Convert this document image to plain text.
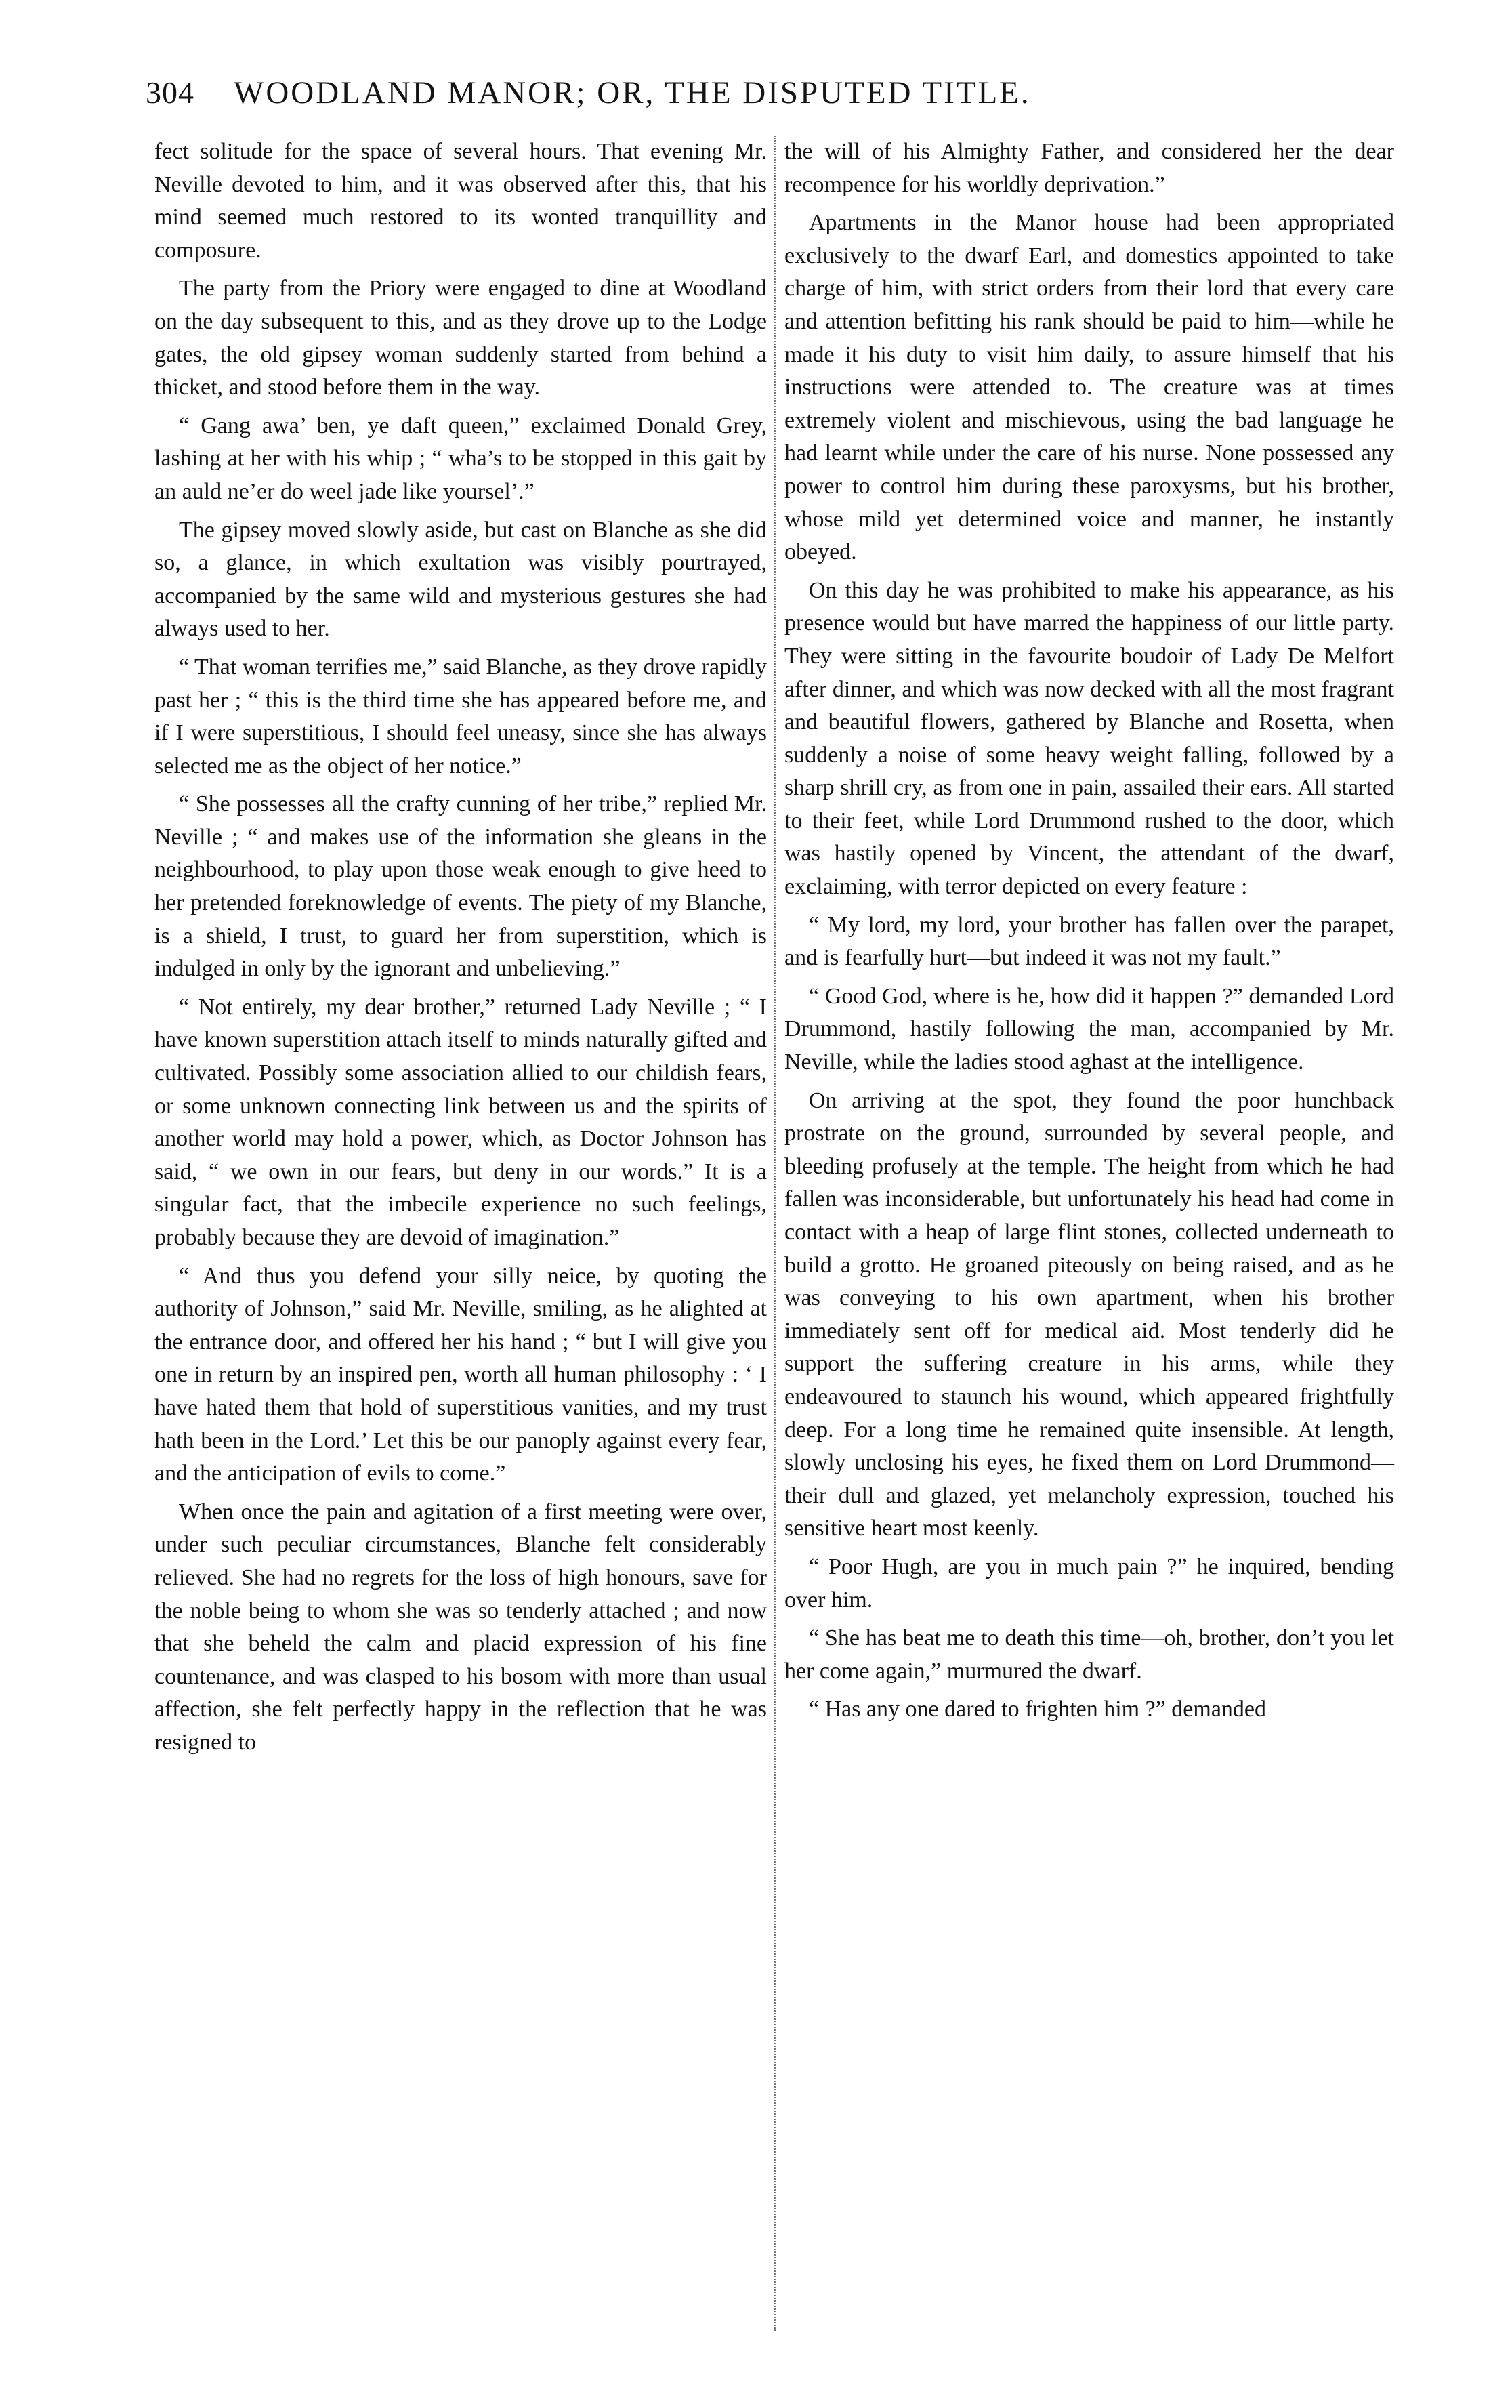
304 WOODLAND MANOR; OR, THE DISPUTED TITLE.

fect solitude for the space of several hours. That evening Mr. Neville devoted to him, and it was observed after this, that his mind seemed much restored to its wonted tranquillity and composure.

The party from the Priory were engaged to dine at Woodland on the day subsequent to this, and as they drove up to the Lodge gates, the old gipsey woman suddenly started from behind a thicket, and stood before them in the way.

“ Gang awa’ ben, ye daft queen,” exclaimed Donald Grey, lashing at her with his whip ; “ wha’s to be stopped in this gait by an auld ne’er do weel jade like yoursel’.”

The gipsey moved slowly aside, but cast on Blanche as she did so, a glance, in which exultation was visibly pourtrayed, accompanied by the same wild and mysterious gestures she had always used to her.

“ That woman terrifies me,” said Blanche, as they drove rapidly past her ; “ this is the third time she has appeared before me, and if I were superstitious, I should feel uneasy, since she has always selected me as the object of her notice.”

“ She possesses all the crafty cunning of her tribe,” replied Mr. Neville ; “ and makes use of the information she gleans in the neighbourhood, to play upon those weak enough to give heed to her pretended foreknowledge of events. The piety of my Blanche, is a shield, I trust, to guard her from superstition, which is indulged in only by the ignorant and unbelieving.”

“ Not entirely, my dear brother,” returned Lady Neville ; “ I have known superstition attach itself to minds naturally gifted and cultivated. Possibly some association allied to our childish fears, or some unknown connecting link between us and the spirits of another world may hold a power, which, as Doctor Johnson has said, “ we own in our fears, but deny in our words.” It is a singular fact, that the imbecile experience no such feelings, probably because they are devoid of imagination.”

“ And thus you defend your silly neice, by quoting the authority of Johnson,” said Mr. Neville, smiling, as he alighted at the entrance door, and offered her his hand ; “ but I will give you one in return by an inspired pen, worth all human philosophy : ‘ I have hated them that hold of superstitious vanities, and my trust hath been in the Lord.’ Let this be our panoply against every fear, and the anticipation of evils to come.”

When once the pain and agitation of a first meeting were over, under such peculiar circumstances, Blanche felt considerably relieved. She had no regrets for the loss of high honours, save for the noble being to whom she was so tenderly attached ; and now that she beheld the calm and placid expression of his fine countenance, and was clasped to his bosom with more than usual affection, she felt perfectly happy in the reflection that he was resigned to

the will of his Almighty Father, and considered her the dear recompence for his worldly deprivation.”

Apartments in the Manor house had been appropriated exclusively to the dwarf Earl, and domestics appointed to take charge of him, with strict orders from their lord that every care and attention befitting his rank should be paid to him—while he made it his duty to visit him daily, to assure himself that his instructions were attended to. The creature was at times extremely violent and mischievous, using the bad language he had learnt while under the care of his nurse. None possessed any power to control him during these paroxysms, but his brother, whose mild yet determined voice and manner, he instantly obeyed.

On this day he was prohibited to make his appearance, as his presence would but have marred the happiness of our little party. They were sitting in the favourite boudoir of Lady De Melfort after dinner, and which was now decked with all the most fragrant and beautiful flowers, gathered by Blanche and Rosetta, when suddenly a noise of some heavy weight falling, followed by a sharp shrill cry, as from one in pain, assailed their ears. All started to their feet, while Lord Drummond rushed to the door, which was hastily opened by Vincent, the attendant of the dwarf, exclaiming, with terror depicted on every feature :

“ My lord, my lord, your brother has fallen over the parapet, and is fearfully hurt—but indeed it was not my fault.”

“ Good God, where is he, how did it happen ?” demanded Lord Drummond, hastily following the man, accompanied by Mr. Neville, while the ladies stood aghast at the intelligence.

On arriving at the spot, they found the poor hunchback prostrate on the ground, surrounded by several people, and bleeding profusely at the temple. The height from which he had fallen was inconsiderable, but unfortunately his head had come in contact with a heap of large flint stones, collected underneath to build a grotto. He groaned piteously on being raised, and as he was conveying to his own apartment, when his brother immediately sent off for medical aid. Most tenderly did he support the suffering creature in his arms, while they endeavoured to staunch his wound, which appeared frightfully deep. For a long time he remained quite insensible. At length, slowly unclosing his eyes, he fixed them on Lord Drummond—their dull and glazed, yet melancholy expression, touched his sensitive heart most keenly.

“ Poor Hugh, are you in much pain ?” he inquired, bending over him.

“ She has beat me to death this time—oh, brother, don’t you let her come again,” murmured the dwarf.

“ Has any one dared to frighten him ?” demanded
